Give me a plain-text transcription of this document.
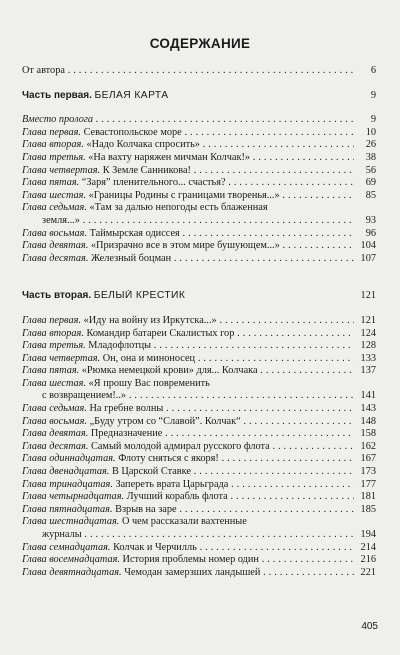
СОДЕРЖАНИЕ
От автора . . .	6
Часть первая. БЕЛАЯ КАРТА	9
Вместо пролога . . .	9
Глава первая. Севастопольское море . . .	10
Глава вторая. «Надо Колчака спросить» . . .	26
Глава третья. «На вахту наряжен мичман Колчак!» . . .	38
Глава четвертая. К Земле Санникова! . . .	56
Глава пятая. “Заря” пленительного... счастья? . . .	69
Глава шестая. «Границы Родины с границами творенья...» . . .	85
Глава седьмая. «Там за далью непогоды есть блаженная
земля...» . . .	93
Глава восьмая. Таймырская одиссея . . .	96
Глава девятая. «Призрачно все в этом мире бушующем...» . . .	104
Глава десятая. Железный боцман . . .	107
Часть вторая. БЕЛЫЙ КРЕСТИК	121
Глава первая. «Иду на войну из Иркутска...» . . .	121
Глава вторая. Командир батареи Скалистых гор . . .	124
Глава третья. Младофлотцы . . .	128
Глава четвертая. Он, она и миноносец . . .	133
Глава пятая. «Рюмка немецкой крови» для... Колчака . . .	137
Глава шестая. «Я прошу Вас повременить
с возвращением!..» . . .	141
Глава седьмая. На гребне волны . . .	143
Глава восьмая. „Буду утром со “Славой”. Колчак“ . . .	148
Глава девятая. Предназначение . . .	158
Глава десятая. Самый молодой адмирал русского флота . . .	162
Глава одиннадцатая. Флоту сняться с якоря! . . .	167
Глава двенадцатая. В Царской Ставке . . .	173
Глава тринадцатая. Запереть врата Царьграда . . .	177
Глава четырнадцатая. Лучший корабль флота . . .	181
Глава пятнадцатая. Взрыв на заре . . .	185
Глава шестнадцатая. О чем рассказали вахтенные
журналы . . .	194
Глава семнадцатая. Колчак и Черчилль . . .	214
Глава восемнадцатая. История проблемы номер один . . .	216
Глава девятнадцатая. Чемодан замерзших ландышей . . .	221
405
